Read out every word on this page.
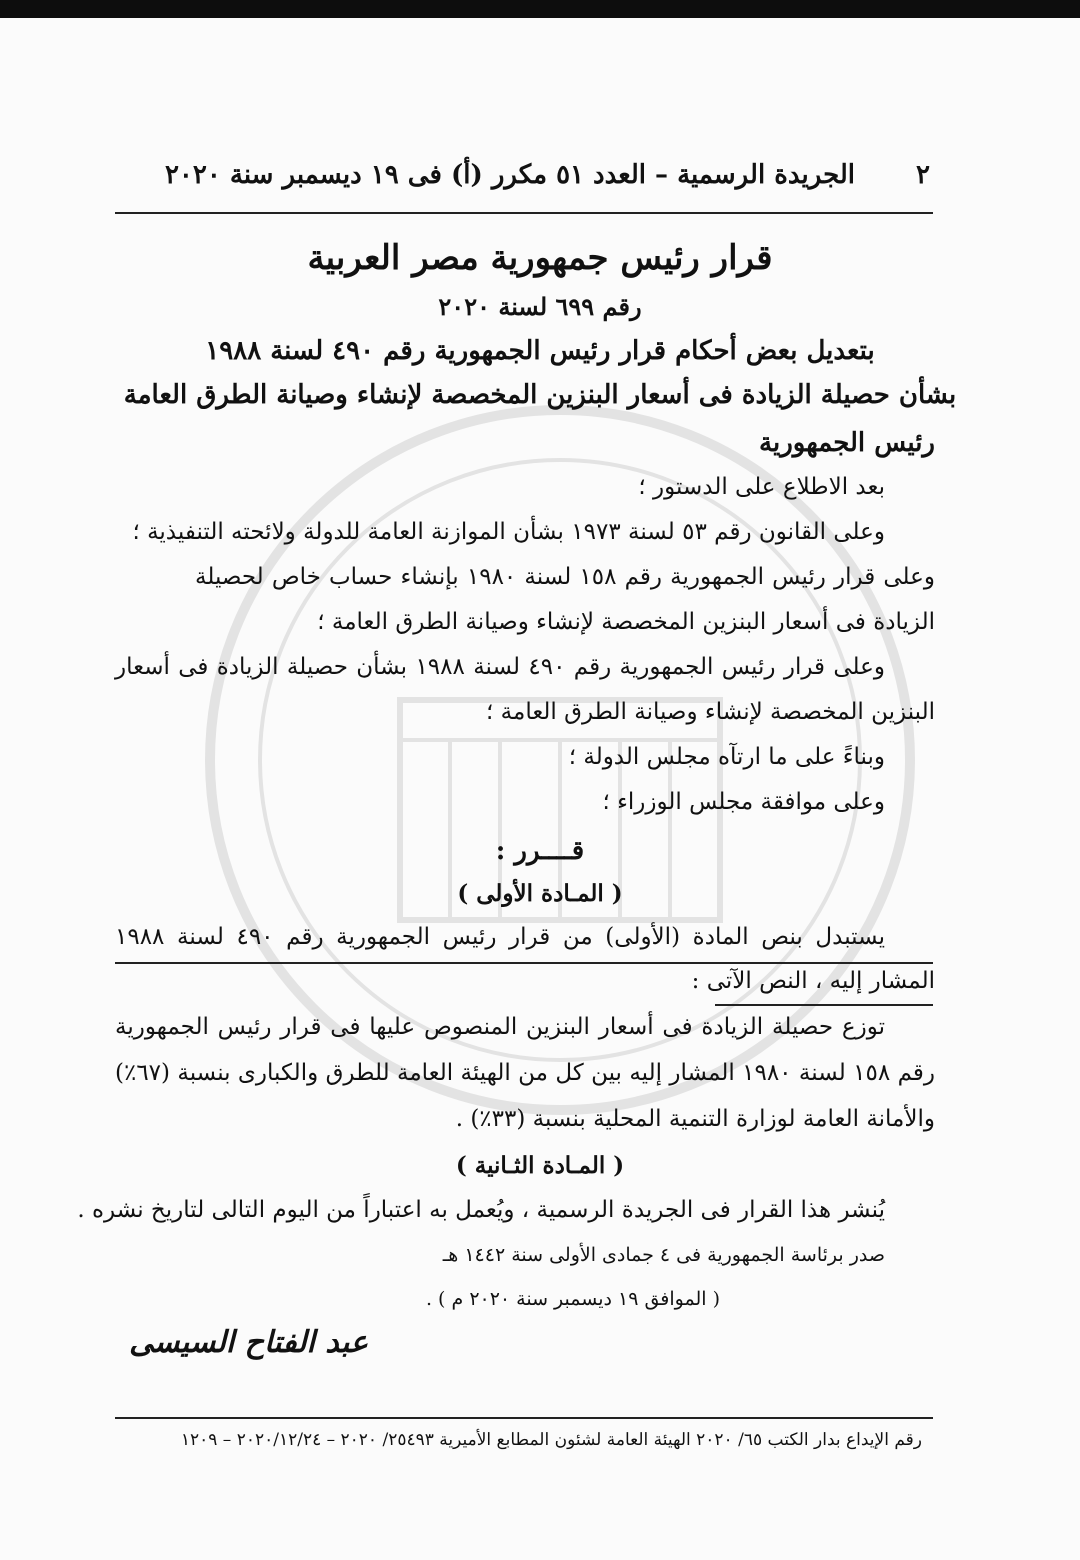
٢
الجريدة الرسمية – العدد ٥١ مكرر (أ) فى ١٩ ديسمبر سنة ٢٠٢٠
قرار رئيس جمهورية مصر العربية
رقم ٦٩٩ لسنة ٢٠٢٠
بتعديل بعض أحكام قرار رئيس الجمهورية رقم ٤٩٠ لسنة ١٩٨٨
بشأن حصيلة الزيادة فى أسعار البنزين المخصصة لإنشاء وصيانة الطرق العامة
رئيس الجمهورية
بعد الاطلاع على الدستور ؛
وعلى القانون رقم ٥٣ لسنة ١٩٧٣ بشأن الموازنة العامة للدولة ولائحته التنفيذية ؛
وعلى قرار رئيس الجمهورية رقم ١٥٨ لسنة ١٩٨٠ بإنشاء حساب خاص لحصيلة
الزيادة فى أسعار البنزين المخصصة لإنشاء وصيانة الطرق العامة ؛
وعلى قرار رئيس الجمهورية رقم ٤٩٠ لسنة ١٩٨٨ بشأن حصيلة الزيادة فى أسعار
البنزين المخصصة لإنشاء وصيانة الطرق العامة ؛
وبناءً على ما ارتآه مجلس الدولة ؛
وعلى موافقة مجلس الوزراء ؛
قــــرر :
( المـادة الأولى )
يستبدل بنص المادة (الأولى) من قرار رئيس الجمهورية رقم ٤٩٠ لسنة ١٩٨٨
المشار إليه ، النص الآتى :
توزع حصيلة الزيادة فى أسعار البنزين المنصوص عليها فى قرار رئيس الجمهورية
رقم ١٥٨ لسنة ١٩٨٠ المشار إليه بين كل من الهيئة العامة للطرق والكبارى بنسبة (٦٧٪)
والأمانة العامة لوزارة التنمية المحلية بنسبة (٣٣٪) .
( المـادة الثـانية )
يُنشر هذا القرار فى الجريدة الرسمية ، ويُعمل به اعتباراً من اليوم التالى لتاريخ نشره .
صدر برئاسة الجمهورية فى ٤ جمادى الأولى سنة ١٤٤٢ هـ
( الموافق ١٩ ديسمبر سنة ٢٠٢٠ م ) .
عبد الفتاح السيسى
رقم الإيداع بدار الكتب ٦٥/ ٢٠٢٠ الهيئة العامة لشئون المطابع الأميرية ٢٥٤٩٣/ ٢٠٢٠ – ٢٠٢٠/١٢/٢٤ – ١٢٠٩
